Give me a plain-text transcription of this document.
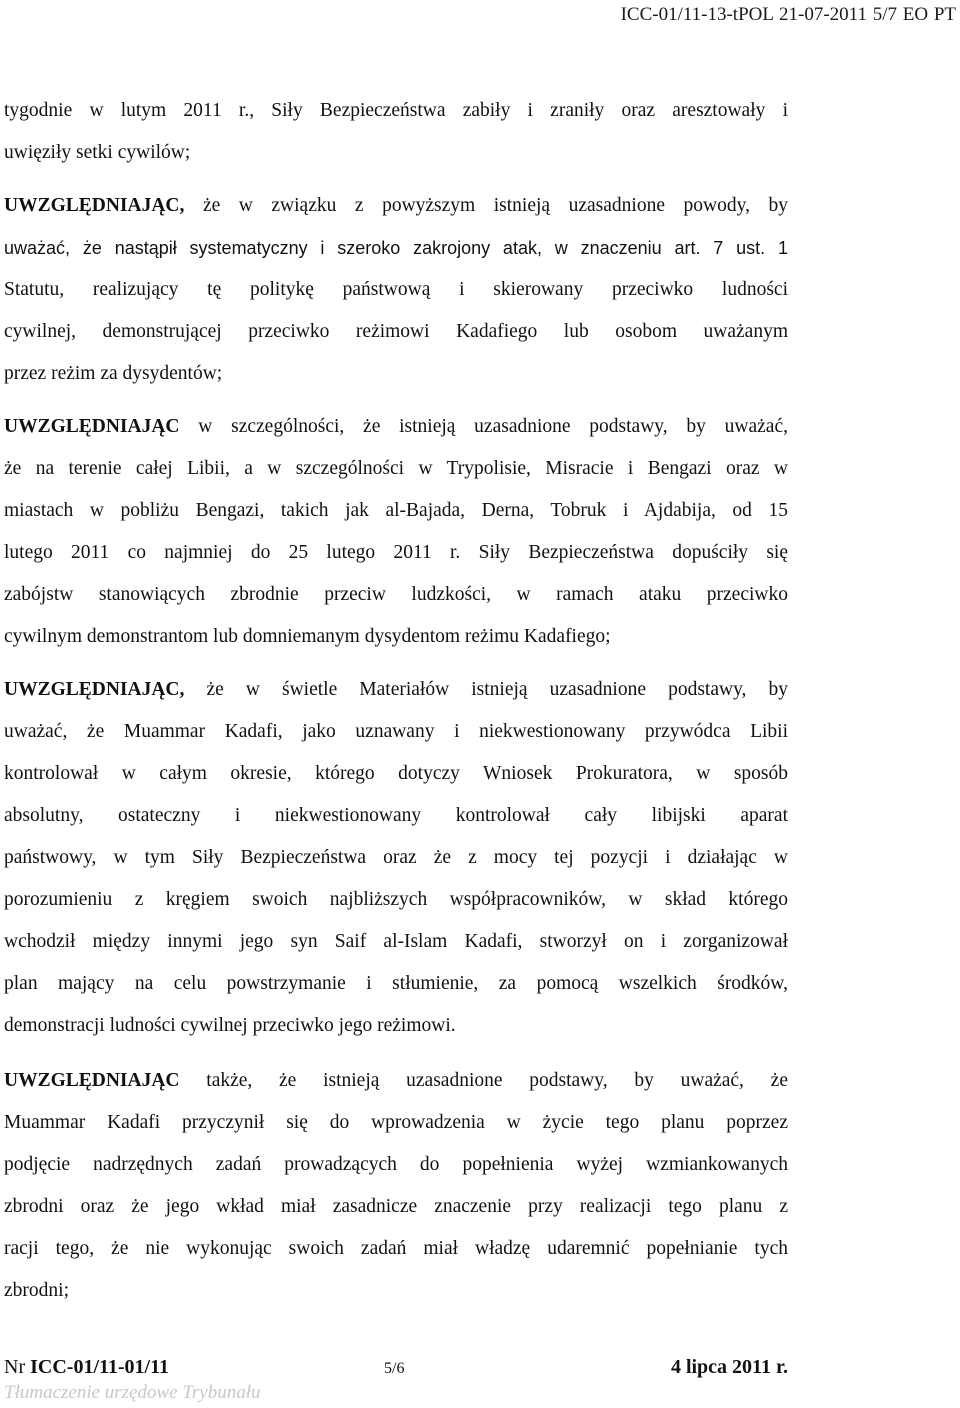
ICC-01/11-13-tPOL 21-07-2011 5/7 EO PT
tygodnie w lutym 2011 r., Siły Bezpieczeństwa zabiły i zraniły oraz aresztowały i
uwięziły setki cywilów;
UWZGLĘDNIAJĄC, że w związku z powyższym istnieją uzasadnione powody, by
uważać, że nastąpił systematyczny i szeroko zakrojony atak, w znaczeniu art. 7 ust. 1
Statutu, realizujący tę politykę państwową i skierowany przeciwko ludności
cywilnej, demonstrującej przeciwko reżimowi Kadafiego lub osobom uważanym
przez reżim za dysydentów;
UWZGLĘDNIAJĄC w szczególności, że istnieją uzasadnione podstawy, by uważać,
że na terenie całej Libii, a w szczególności w Trypolisie, Misracie i Bengazi oraz w
miastach w pobliżu Bengazi, takich jak al-Bajada, Derna, Tobruk i Ajdabija, od 15
lutego 2011 co najmniej do 25 lutego 2011 r. Siły Bezpieczeństwa dopuściły się
zabójstw stanowiących zbrodnie przeciw ludzkości, w ramach ataku przeciwko
cywilnym demonstrantom lub domniemanym dysydentom reżimu Kadafiego;
UWZGLĘDNIAJĄC, że w świetle Materiałów istnieją uzasadnione podstawy, by
uważać, że Muammar Kadafi, jako uznawany i niekwestionowany przywódca Libii
kontrolował w całym okresie, którego dotyczy Wniosek Prokuratora, w sposób
absolutny, ostateczny i niekwestionowany kontrolował cały libijski aparat
państwowy, w tym Siły Bezpieczeństwa oraz że z mocy tej pozycji i działając w
porozumieniu z kręgiem swoich najbliższych współpracowników, w skład którego
wchodził między innymi jego syn Saif al-Islam Kadafi, stworzył on i zorganizował
plan mający na celu powstrzymanie i stłumienie, za pomocą wszelkich środków,
demonstracji ludności cywilnej przeciwko jego reżimowi.
UWZGLĘDNIAJĄC także, że istnieją uzasadnione podstawy, by uważać, że
Muammar Kadafi przyczynił się do wprowadzenia w życie tego planu poprzez
podjęcie nadrzędnych zadań prowadzących do popełnienia wyżej wzmiankowanych
zbrodni oraz że jego wkład miał zasadnicze znaczenie przy realizacji tego planu z
racji tego, że nie wykonując swoich zadań miał władzę udaremnić popełnianie tych
zbrodni;
Nr ICC-01/11-01/11	5/6	4 lipca 2011 r.
Tłumaczenie urzędowe Trybunału
